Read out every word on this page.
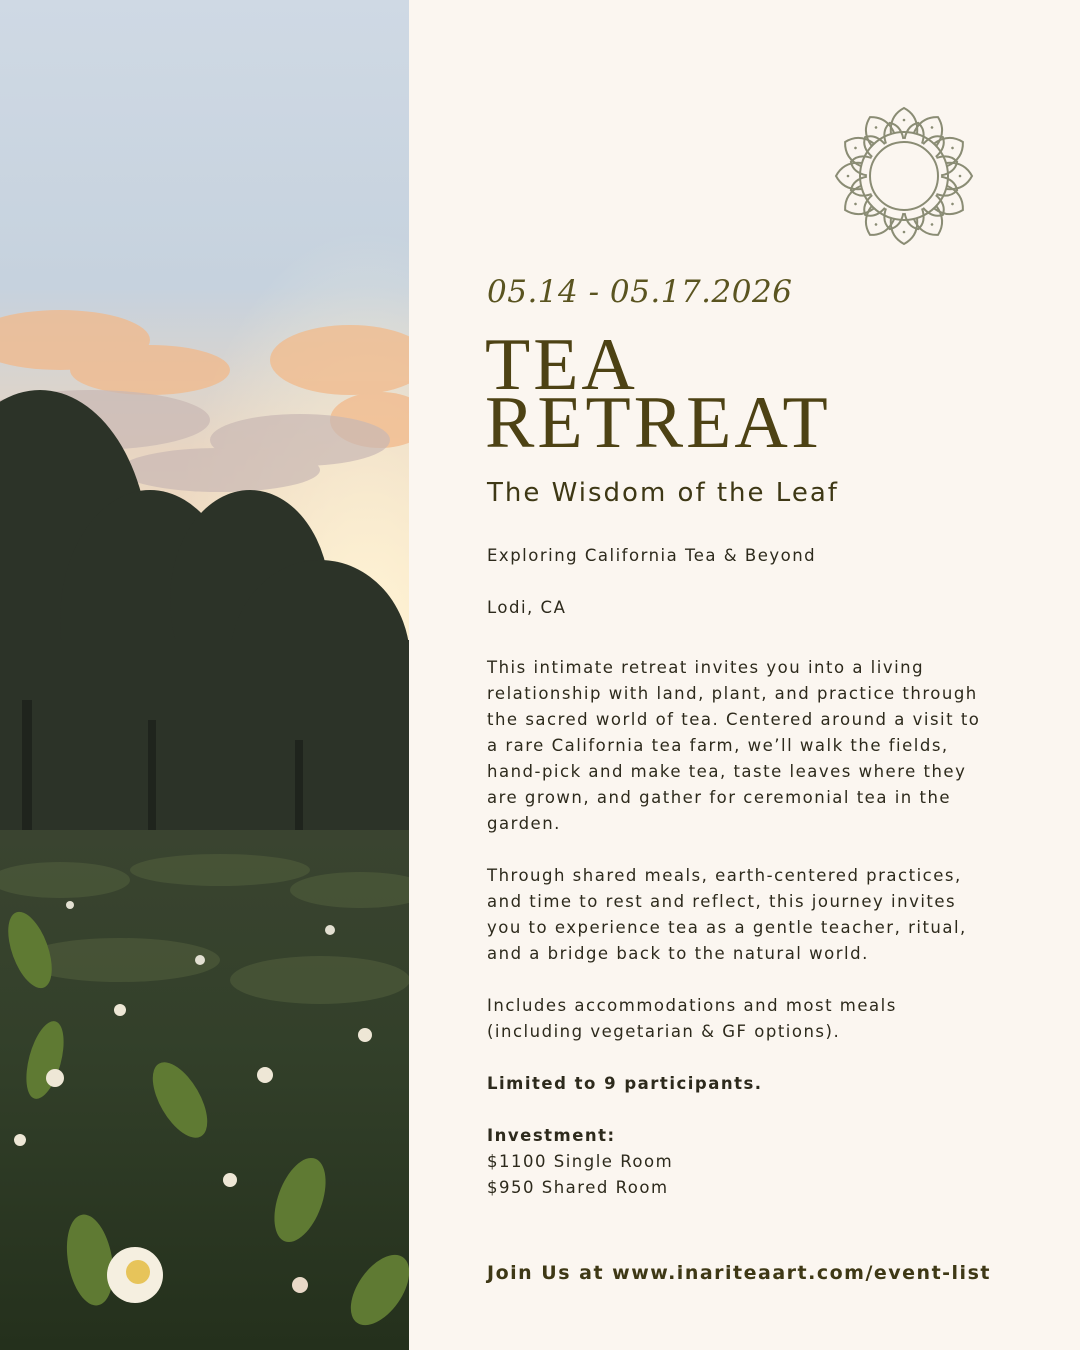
05.14 - 05.17.2026
TEA
RETREAT
The Wisdom of the Leaf
Exploring California Tea & Beyond
Lodi, CA
This intimate retreat invites you into a living
relationship with land, plant, and practice through
the sacred world of tea. Centered around a visit to
a rare California tea farm, we’ll walk the fields,
hand-pick and make tea, taste leaves where they
are grown, and gather for ceremonial tea in the
garden.
Through shared meals, earth-centered practices,
and time to rest and reflect, this journey invites
you to experience tea as a gentle teacher, ritual,
and a bridge back to the natural world.
Includes accommodations and most meals
(including vegetarian & GF options).
Limited to 9 participants.
Investment:
$1100 Single Room
$950 Shared Room
Join Us at www.inariteaart.com/event-list
